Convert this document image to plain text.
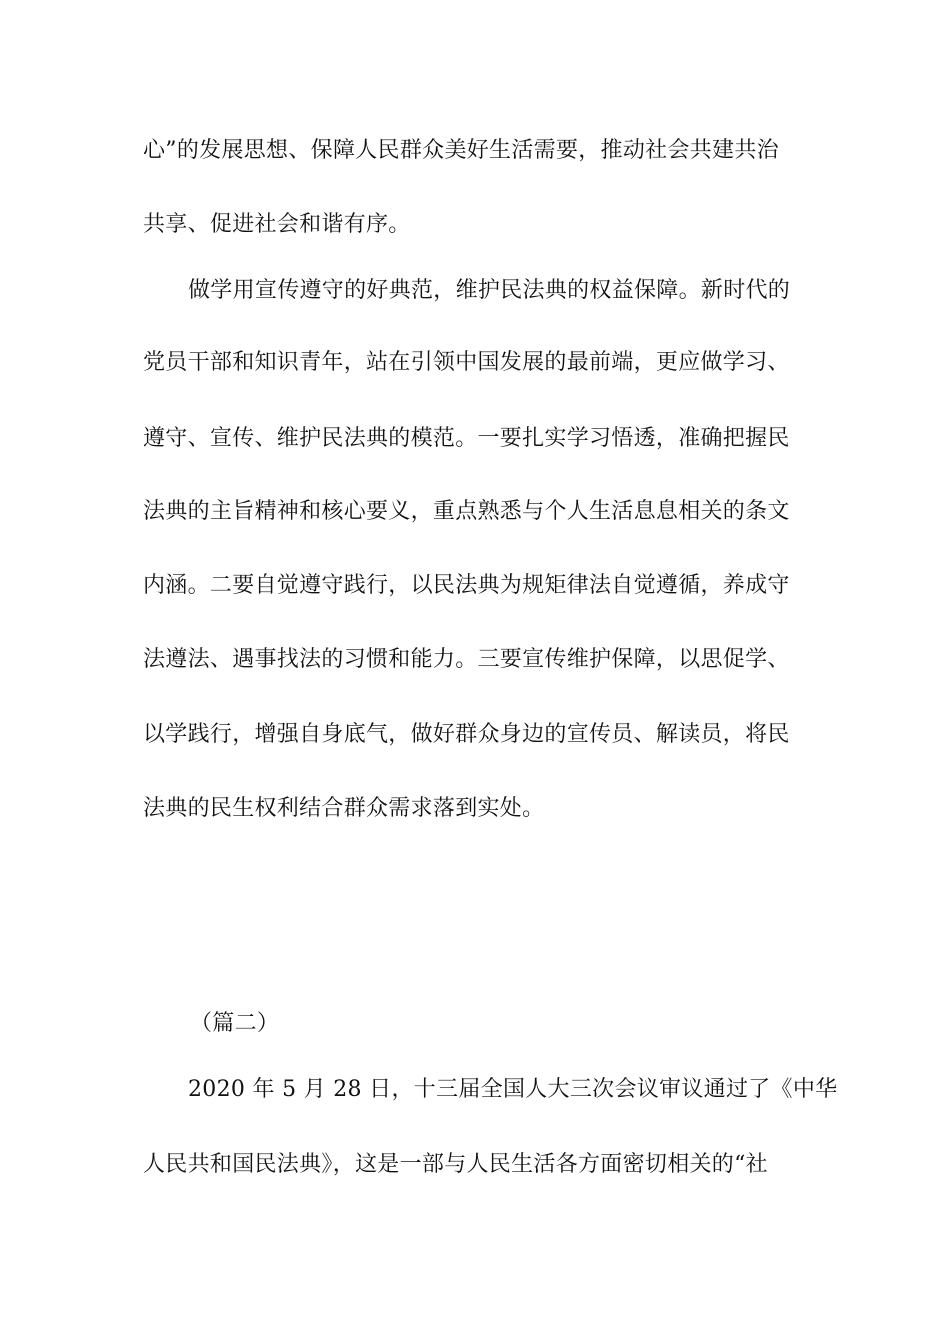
心”的发展思想、保障人民群众美好生活需要，推动社会共建共治
共享、促进社会和谐有序。
做学用宣传遵守的好典范，维护民法典的权益保障。新时代的
党员干部和知识青年，站在引领中国发展的最前端，更应做学习、
遵守、宣传、维护民法典的模范。一要扎实学习悟透，准确把握民
法典的主旨精神和核心要义，重点熟悉与个人生活息息相关的条文
内涵。二要自觉遵守践行，以民法典为规矩律法自觉遵循，养成守
法遵法、遇事找法的习惯和能力。三要宣传维护保障，以思促学、
以学践行，增强自身底气，做好群众身边的宣传员、解读员，将民
法典的民生权利结合群众需求落到实处。
（篇二）
2020 年 5 月 28 日，十三届全国人大三次会议审议通过了《中华
人民共和国民法典》，这是一部与人民生活各方面密切相关的“社
